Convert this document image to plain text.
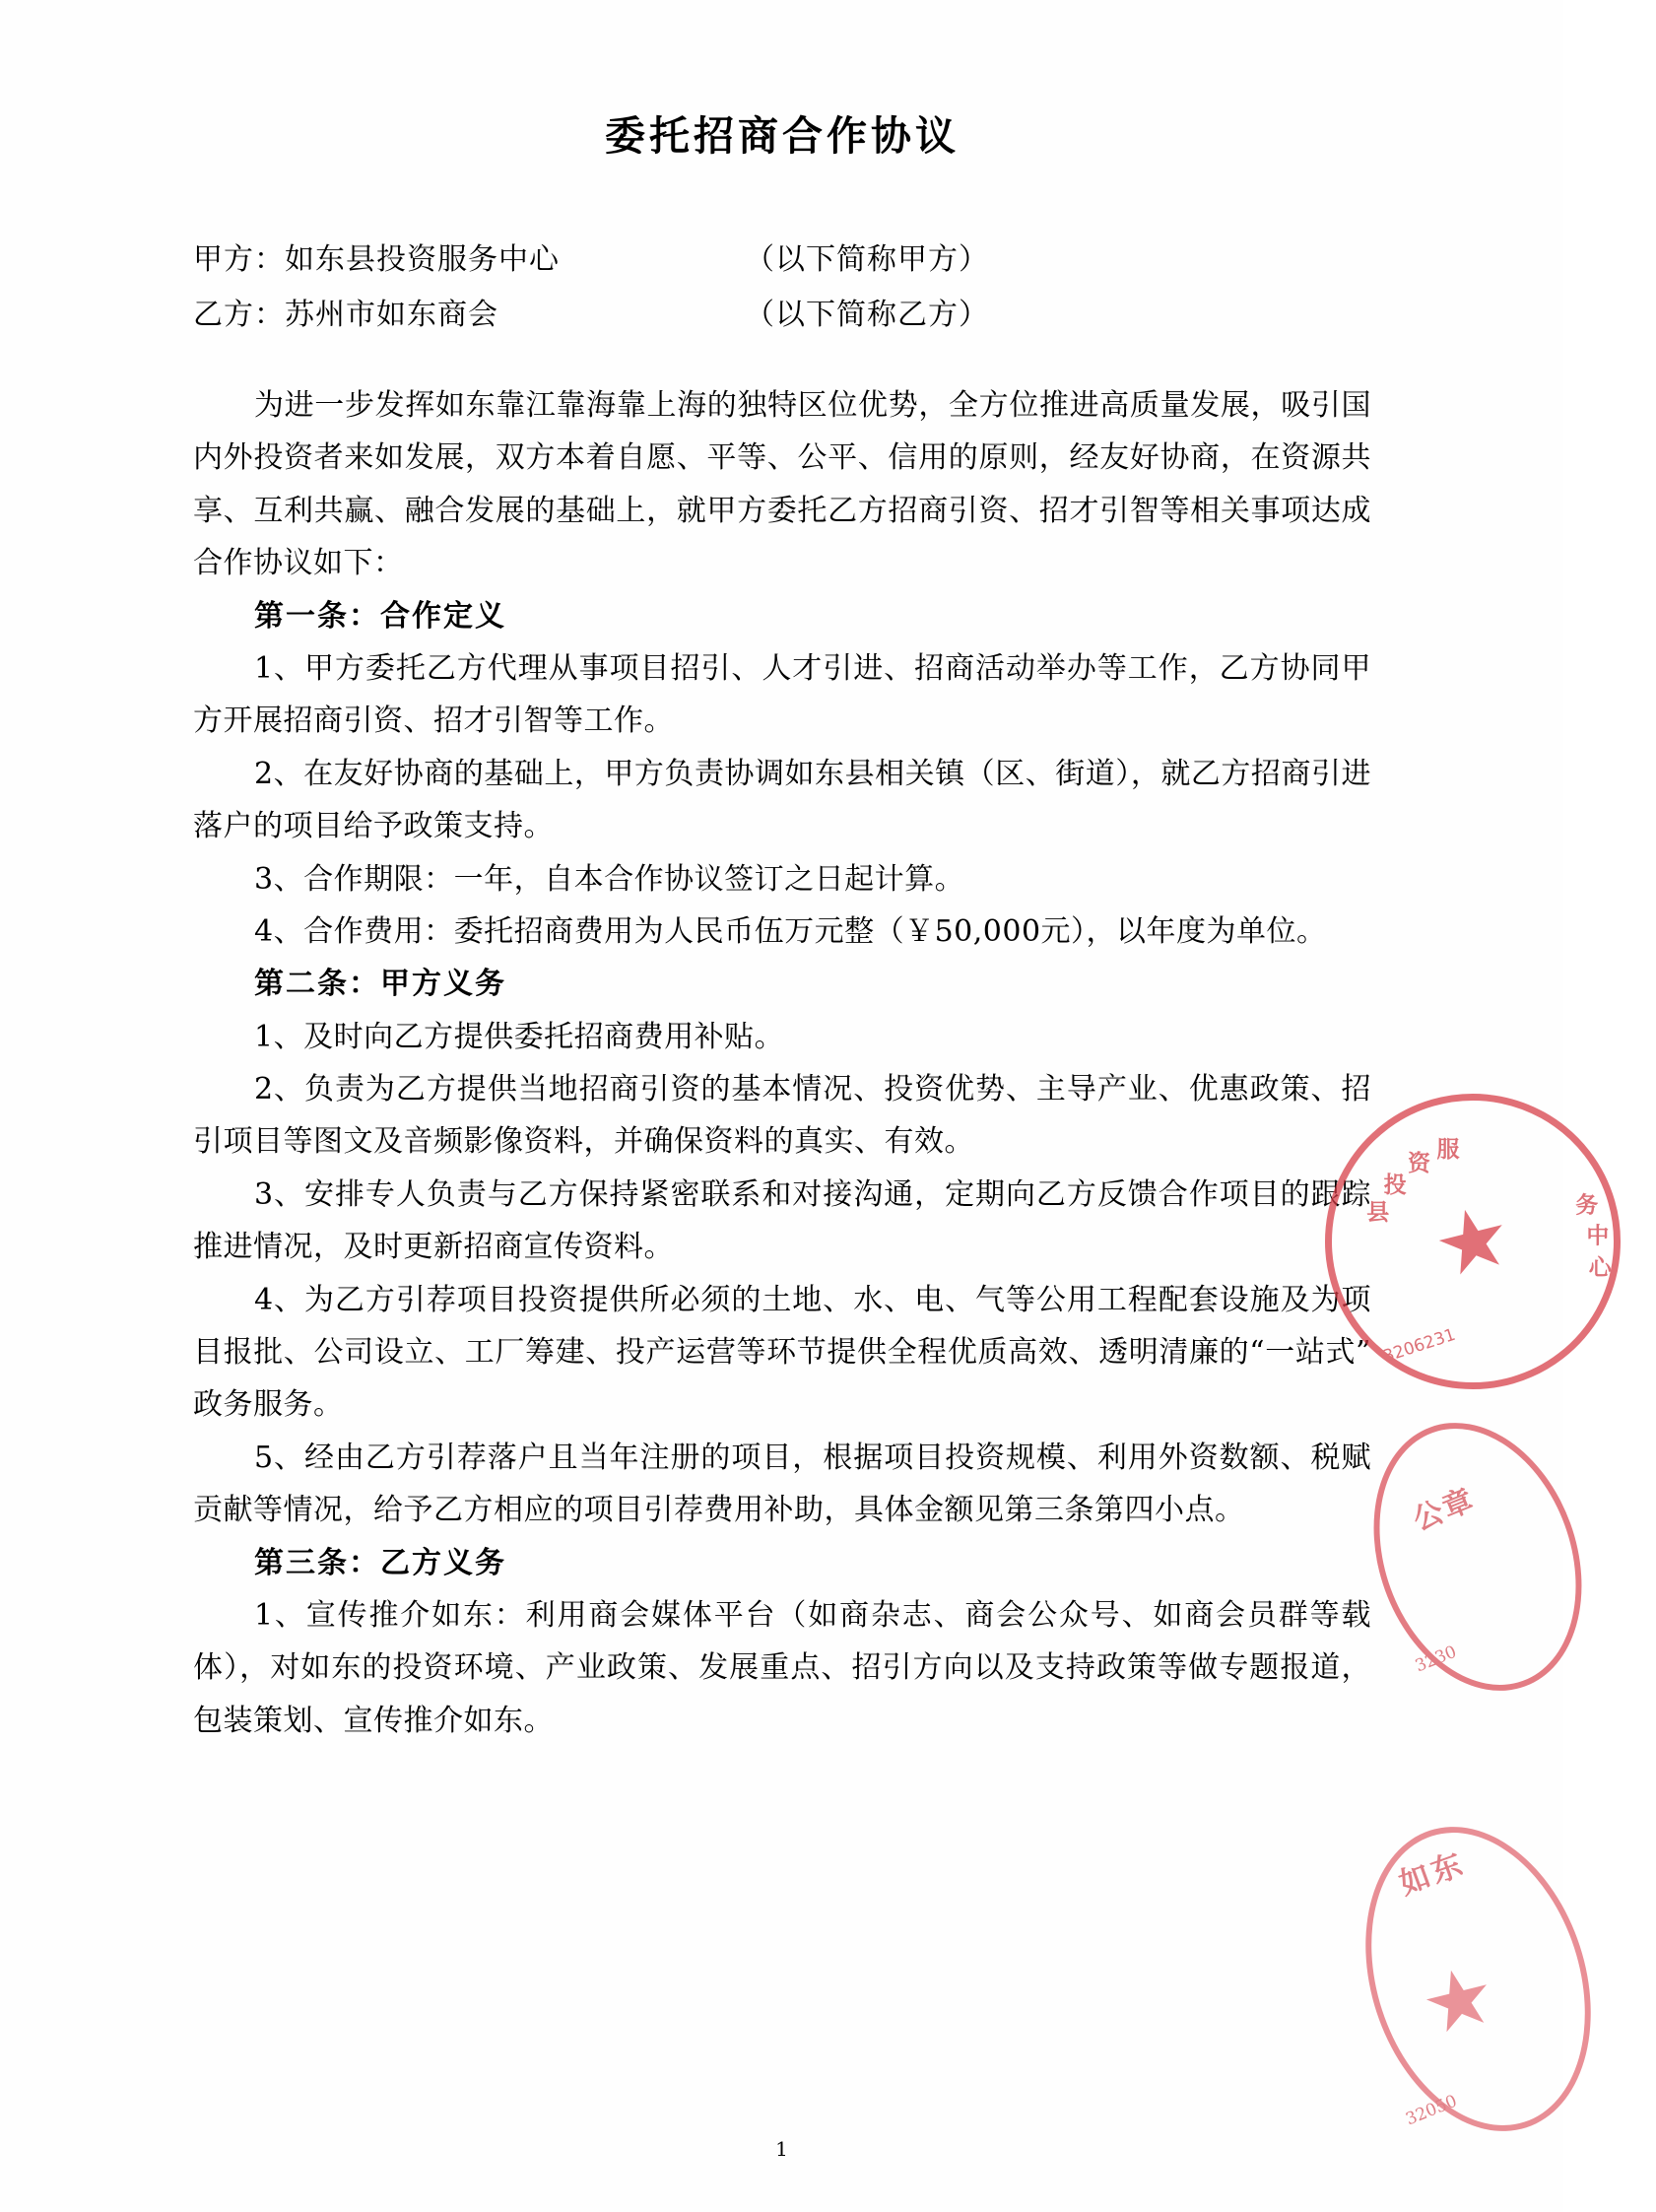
委托招商合作协议
甲方：如东县投资服务中心	（以下简称甲方）
乙方：苏州市如东商会	（以下简称乙方）

为进一步发挥如东靠江靠海靠上海的独特区位优势，全方位推进高质量发展，吸引国内外投资者来如发展，双方本着自愿、平等、公平、信用的原则，经友好协商，在资源共享、互利共赢、融合发展的基础上，就甲方委托乙方招商引资、招才引智等相关事项达成合作协议如下：

第一条：合作定义

1、甲方委托乙方代理从事项目招引、人才引进、招商活动举办等工作，乙方协同甲方开展招商引资、招才引智等工作。

2、在友好协商的基础上，甲方负责协调如东县相关镇（区、街道），就乙方招商引进落户的项目给予政策支持。

3、合作期限：一年，自本合作协议签订之日起计算。

4、合作费用：委托招商费用为人民币伍万元整（￥50,000元），以年度为单位。

第二条：甲方义务

1、及时向乙方提供委托招商费用补贴。

2、负责为乙方提供当地招商引资的基本情况、投资优势、主导产业、优惠政策、招引项目等图文及音频影像资料，并确保资料的真实、有效。

3、安排专人负责与乙方保持紧密联系和对接沟通，定期向乙方反馈合作项目的跟踪推进情况，及时更新招商宣传资料。

4、为乙方引荐项目投资提供所必须的土地、水、电、气等公用工程配套设施及为项目报批、公司设立、工厂筹建、投产运营等环节提供全程优质高效、透明清廉的“一站式”政务服务。

5、经由乙方引荐落户且当年注册的项目，根据项目投资规模、利用外资数额、税赋贡献等情况，给予乙方相应的项目引荐费用补助，具体金额见第三条第四小点。

第三条：乙方义务

1、宣传推介如东：利用商会媒体平台（如商杂志、商会公众号、如商会员群等载体），对如东的投资环境、产业政策、发展重点、招引方向以及支持政策等做专题报道，包装策划、宣传推介如东。

县
投
资
服
务
中
心
★
3206231
公章
3230
如东
★
32050
1
